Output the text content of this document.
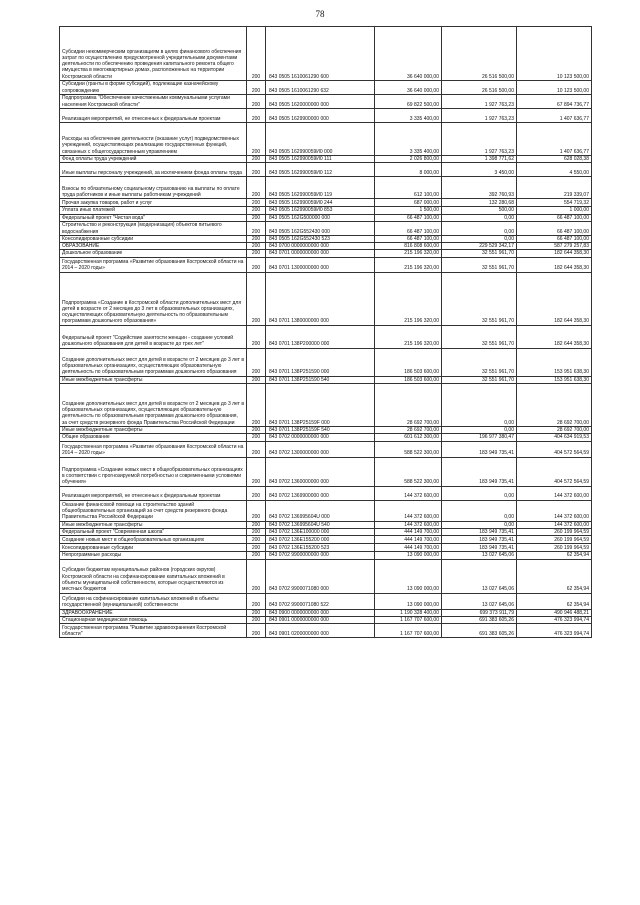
78
Субсидии некоммерческим организациям в целях финансового обеспечения затрат по осуществлению предусмотренной учредительными документами деятельности по обеспечению проведения капитального ремонта общего имущества в многоквартирных домах, расположенных на территории Костромской области	200	843 0505 1610061290 600	36 640 000,00	26 516 500,00	10 123 500,00
Субсидии (гранты в форме субсидий), подлежащие казначейскому сопровождению	200	843 0505 1610061290 632	36 640 000,00	26 516 500,00	10 123 500,00
Подпрограмма "Обеспечение качественными коммунальными услугами населения Костромской области"	200	843 0505 1620000000 000	69 822 500,00	1 927 763,23	67 894 736,77
Реализация мероприятий, не отнесенных к федеральным проектам	200	843 0505 1629900000 000	3 335 400,00	1 927 763,23	1 407 636,77
Расходы на обеспечение деятельности (оказание услуг) подведомственных учреждений, осуществляющих реализацию государственных функций, связанных с общегосударственным управлением	200	843 0505 162990059И0 000	3 335 400,00	1 927 763,23	1 407 636,77
Фонд оплаты труда учреждений	200	843 0505 162990059И0 111	2 026 800,00	1 398 771,62	628 028,38
Иные выплаты персоналу учреждений, за исключением фонда оплаты труда	200	843 0505 162990059И0 112	8 000,00	3 450,00	4 550,00
Взносы по обязательному социальному страхованию на выплаты по оплате труда работников и иные выплаты работникам учреждений	200	843 0505 162990059И0 119	612 100,00	392 760,93	219 339,07
Прочая закупка товаров, работ и услуг	200	843 0505 162990059И0 244	687 000,00	132 280,68	554 719,32
Уплата иных платежей	200	843 0505 162990059И0 853	1 500,00	500,00	1 000,00
Федеральный проект "Чистая вода"	200	843 0505 162G500000 000	66 487 100,00	0,00	66 487 100,00
Строительство и реконструкция (модернизация) объектов питьевого водоснабжения	200	843 0505 162G552430 000	66 487 100,00	0,00	66 487 100,00
Консолидированные субсидии	200	843 0505 162G552430 523	66 487 100,00	0,00	66 487 100,00
ОБРАЗОВАНИЕ	200	843 0700 0000000000 000	816 808 600,00	229 529 342,17	587 279 257,83
Дошкольное образование	200	843 0701 0000000000 000	215 196 320,00	32 551 961,70	182 644 358,30
Государственная программа «Развитие образования Костромской области на 2014 – 2020 годы»	200	843 0701 1300000000 000	215 196 320,00	32 551 961,70	182 644 358,30
Подпрограмма «Создание в Костромской области дополнительных мест для детей в возрасте от 2 месяцев до 3 лет в образовательных организациях, осуществляющих образовательную деятельность по образовательным программам дошкольного образования»	200	843 0701 1380000000 000	215 196 320,00	32 551 961,70	182 644 358,30
Федеральный проект "Содействие занятости женщин - создание условий дошкольного образования для детей в возрасте до трех лет"	200	843 0701 138P200000 000	215 196 320,00	32 551 961,70	182 644 358,30
Создание дополнительных мест для детей в возрасте от 2 месяцев до 3 лет в образовательных организациях, осуществляющих образовательную деятельность по образовательным программам дошкольного образования	200	843 0701 138P251590 000	186 503 600,00	32 551 961,70	153 951 638,30
Иные межбюджетные трансферты	200	843 0701 138P251590 540	186 503 600,00	32 551 961,70	153 951 638,30
Создание дополнительных мест для детей в возрасте от 2 месяцев до 3 лет в образовательных организациях, осуществляющих образовательную деятельность по образовательным программам дошкольного образования, за счет средств резервного фонда Правительства Российской Федерации	200	843 0701 138P25159F 000	28 692 700,00	0,00	28 692 700,00
Иные межбюджетные трансферты	200	843 0701 138P25159F 540	28 692 700,00	0,00	28 692 700,00
Общее образование	200	843 0702 0000000000 000	601 612 300,00	196 977 380,47	404 634 919,53
Государственная программа «Развитие образования Костромской области на 2014 – 2020 годы»	200	843 0702 1300000000 000	588 522 300,00	183 949 735,41	404 572 564,59
Подпрограмма «Создание новых мест в общеобразовательных организациях в соответствии с прогнозируемой потребностью и современными условиями обучения»	200	843 0702 1360000000 000	588 522 300,00	183 949 735,41	404 572 564,59
Реализация мероприятий, не отнесенных к федеральным проектам	200	843 0702 1369900000 000	144 372 600,00	0,00	144 372 600,00
Оказание финансовой помощи на строительство зданий общеобразовательных организаций за счет средств резервного фонда Правительства Российской Федерации	200	843 0702 136995604U 000	144 372 600,00	0,00	144 372 600,00
Иные межбюджетные трансферты	200	843 0702 136995604U 540	144 372 600,00	0,00	144 372 600,00
Федеральный проект "Современная школа"	200	843 0702 136E100000 000	444 149 700,00	183 949 735,41	260 199 964,59
Создание новых мест в общеобразовательных организациях	200	843 0702 136E155200 000	444 149 700,00	183 949 735,41	260 199 964,59
Консолидированные субсидии	200	843 0702 136E155200 523	444 149 700,00	183 949 735,41	260 199 964,59
Непрограммные расходы	200	843 0702 9900000000 000	13 090 000,00	13 027 645,06	62 354,94
Субсидии бюджетам муниципальных районов (городских округов) Костромской области на софинансирование капитальных вложений в объекты муниципальной собственности, которые осуществляются из местных бюджетов	200	843 0702 9900071080 000	13 090 000,00	13 027 645,06	62 354,94
Субсидии на софинансирование капитальных вложений в объекты государственной (муниципальной) собственности	200	843 0702 9900071080 522	13 090 000,00	13 027 645,06	62 354,94
ЗДРАВООХРАНЕНИЕ	200	843 0900 0000000000 000	1 190 328 400,00	699 373 911,79	490 946 488,21
Стационарная медицинская помощь	200	843 0901 0000000000 000	1 167 707 600,00	691 383 605,26	476 323 994,74
Государственная программа "Развитие здравоохранения Костромской области"	200	843 0901 0200000000 000	1 167 707 600,00	691 383 605,26	476 323 994,74
